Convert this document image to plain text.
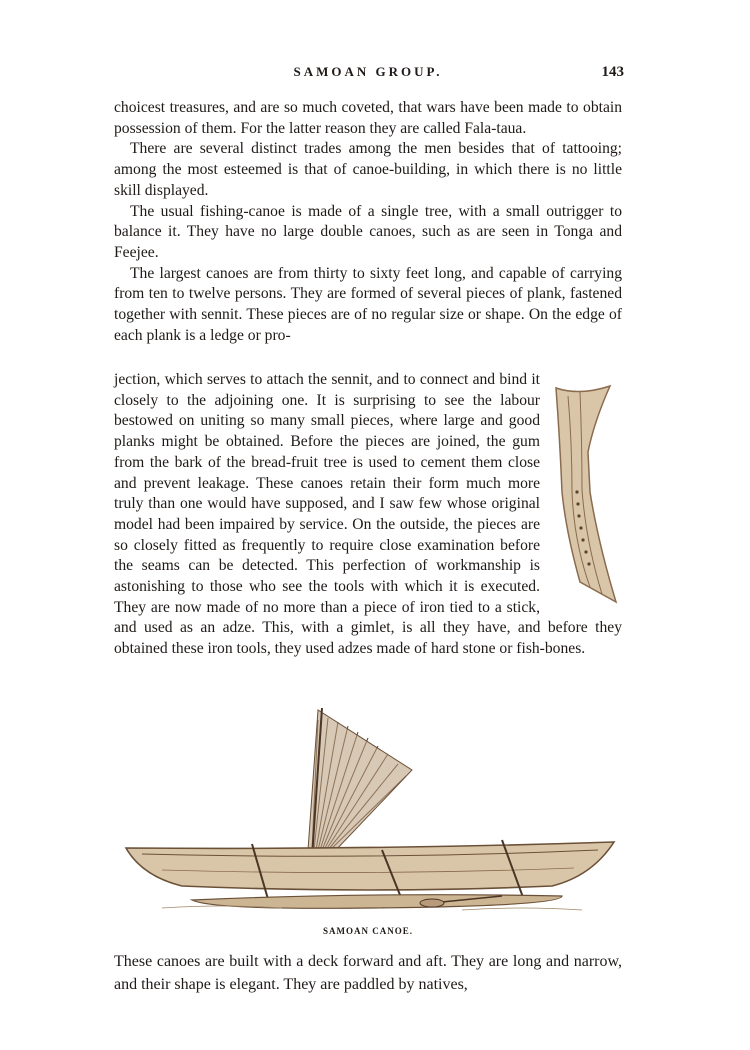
SAMOAN GROUP.	143

choicest treasures, and are so much coveted, that wars have been made to obtain possession of them. For the latter reason they are called Fala-taua.

There are several distinct trades among the men besides that of tattooing; among the most esteemed is that of canoe-building, in which there is no little skill displayed.

The usual fishing-canoe is made of a single tree, with a small outrigger to balance it. They have no large double canoes, such as are seen in Tonga and Feejee.

The largest canoes are from thirty to sixty feet long, and capable of carrying from ten to twelve persons. They are formed of several pieces of plank, fastened together with sennit. These pieces are of no regular size or shape. On the edge of each plank is a ledge or pro-

jection, which serves to attach the sennit, and to connect and bind it closely to the adjoining one. It is surprising to see the labour bestowed on uniting so many small pieces, where large and good planks might be obtained. Before the pieces are joined, the gum from the bark of the bread-fruit tree is used to cement them close and prevent leakage. These canoes retain their form much more truly than one would have supposed, and I saw few whose original model had been impaired by service. On the outside, the pieces are so closely fitted as frequently to require close examination before the seams can be detected. This perfection of workmanship is astonishing to those who see the tools with which it is executed. They are now made of no more than a piece of iron tied to a stick, and used as an adze. This, with a gimlet, is all they have, and before they obtained these iron tools, they used adzes made of hard stone or fish-bones.

SAMOAN CANOE.

These canoes are built with a deck forward and aft. They are long and narrow, and their shape is elegant. They are paddled by natives,
